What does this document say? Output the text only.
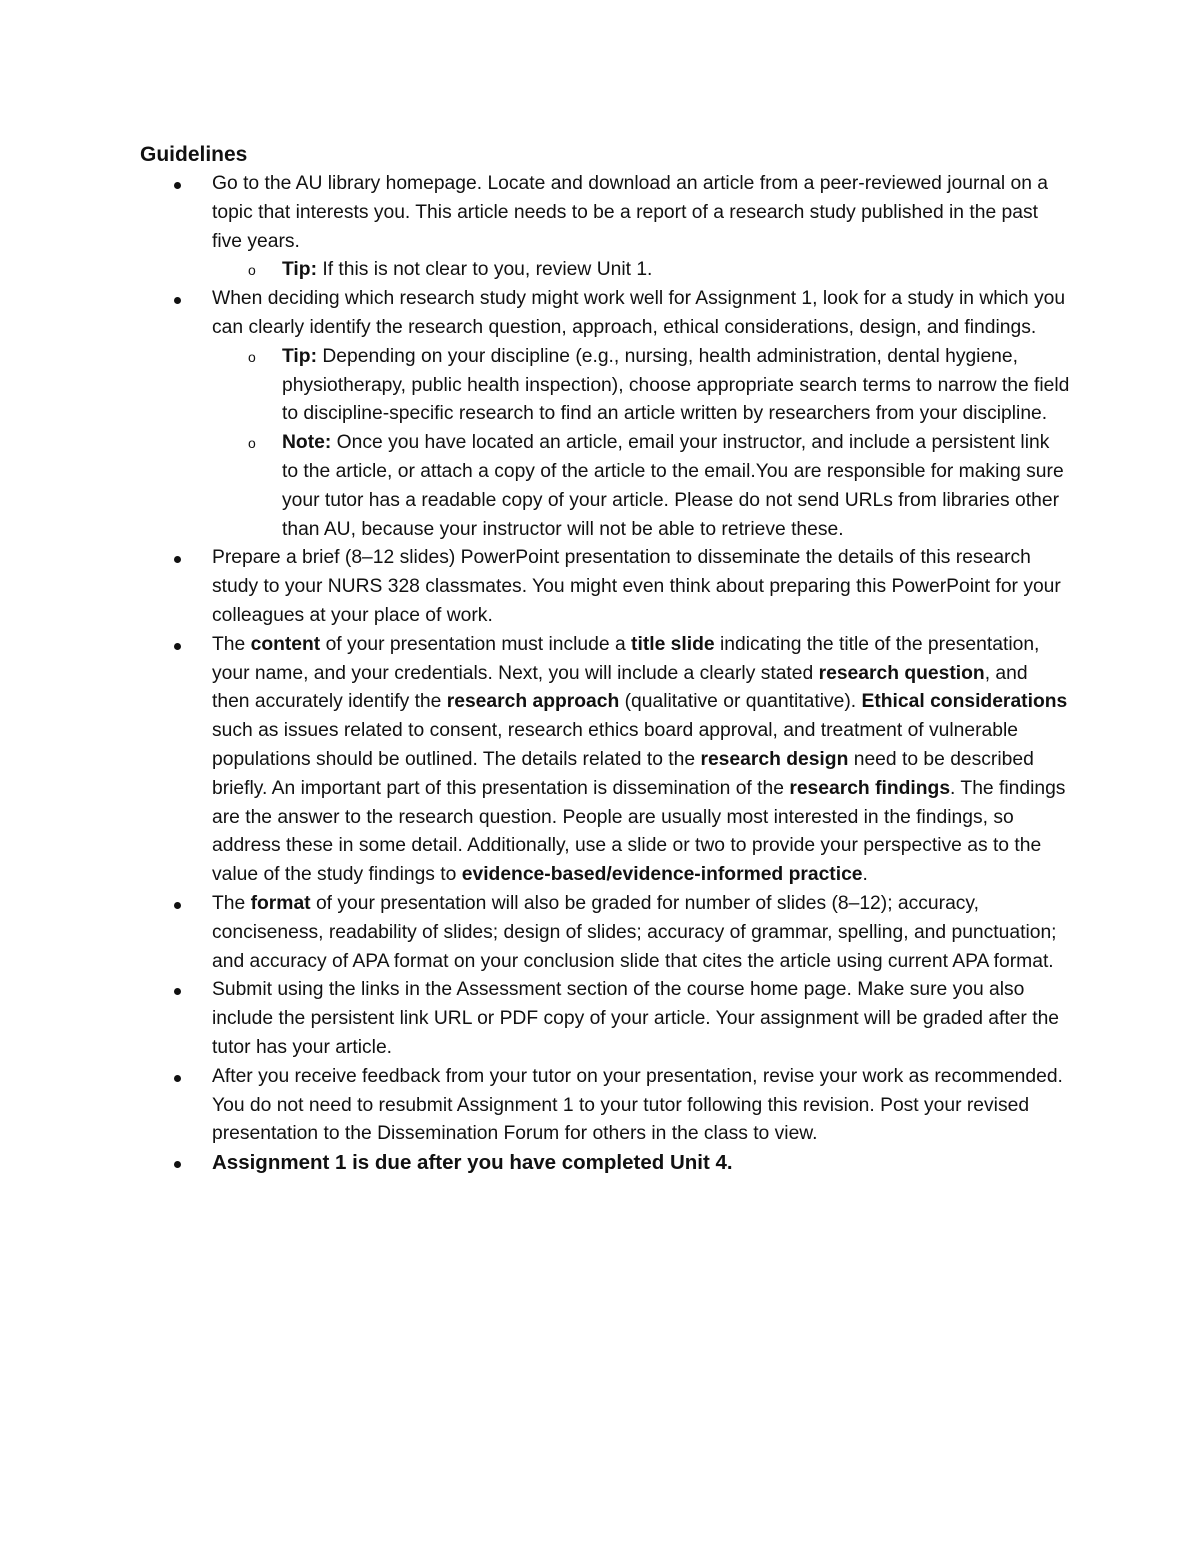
Guidelines
Go to the AU library homepage. Locate and download an article from a peer-reviewed journal on a topic that interests you. This article needs to be a report of a research study published in the past five years.
o Tip: If this is not clear to you, review Unit 1.
When deciding which research study might work well for Assignment 1, look for a study in which you can clearly identify the research question, approach, ethical considerations, design, and findings.
o Tip: Depending on your discipline (e.g., nursing, health administration, dental hygiene, physiotherapy, public health inspection), choose appropriate search terms to narrow the field to discipline-specific research to find an article written by researchers from your discipline.
o Note: Once you have located an article, email your instructor, and include a persistent link to the article, or attach a copy of the article to the email.You are responsible for making sure your tutor has a readable copy of your article. Please do not send URLs from libraries other than AU, because your instructor will not be able to retrieve these.
Prepare a brief (8–12 slides) PowerPoint presentation to disseminate the details of this research study to your NURS 328 classmates. You might even think about preparing this PowerPoint for your colleagues at your place of work.
The content of your presentation must include a title slide indicating the title of the presentation, your name, and your credentials. Next, you will include a clearly stated research question, and then accurately identify the research approach (qualitative or quantitative). Ethical considerations such as issues related to consent, research ethics board approval, and treatment of vulnerable populations should be outlined. The details related to the research design need to be described briefly. An important part of this presentation is dissemination of the research findings. The findings are the answer to the research question. People are usually most interested in the findings, so address these in some detail. Additionally, use a slide or two to provide your perspective as to the value of the study findings to evidence-based/evidence-informed practice.
The format of your presentation will also be graded for number of slides (8–12); accuracy, conciseness, readability of slides; design of slides; accuracy of grammar, spelling, and punctuation; and accuracy of APA format on your conclusion slide that cites the article using current APA format.
Submit using the links in the Assessment section of the course home page. Make sure you also include the persistent link URL or PDF copy of your article. Your assignment will be graded after the tutor has your article.
After you receive feedback from your tutor on your presentation, revise your work as recommended. You do not need to resubmit Assignment 1 to your tutor following this revision. Post your revised presentation to the Dissemination Forum for others in the class to view.
Assignment 1 is due after you have completed Unit 4.
